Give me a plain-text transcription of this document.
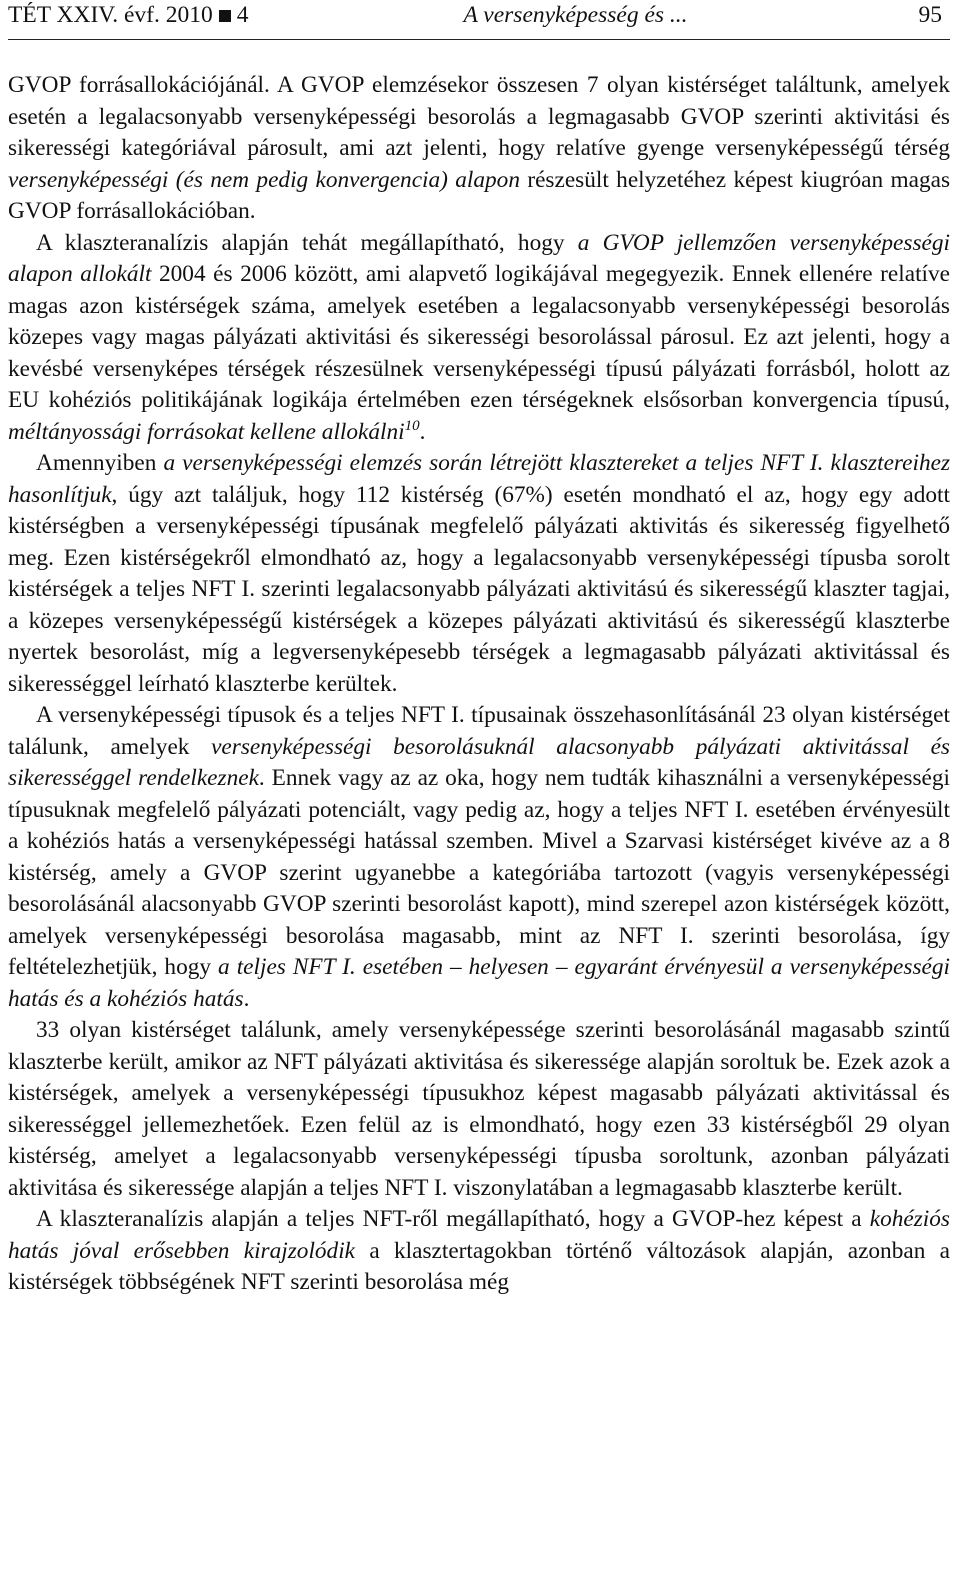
TÉT XXIV. évf. 2010 4	A versenyképesség és ...	95

GVOP forrásallokációjánál. A GVOP elemzésekor összesen 7 olyan kistérséget találtunk, amelyek esetén a legalacsonyabb versenyképességi besorolás a legmagasabb GVOP szerinti aktivitási és sikerességi kategóriával párosult, ami azt jelenti, hogy relatíve gyenge versenyképességű térség versenyképességi (és nem pedig konvergencia) alapon részesült helyzetéhez képest kiugróan magas GVOP forrásallokációban.

A klaszteranalízis alapján tehát megállapítható, hogy a GVOP jellemzően versenyképességi alapon allokált 2004 és 2006 között, ami alapvető logikájával megegyezik. Ennek ellenére relatíve magas azon kistérségek száma, amelyek esetében a legalacsonyabb versenyképességi besorolás közepes vagy magas pályázati aktivitási és sikerességi besorolással párosul. Ez azt jelenti, hogy a kevésbé versenyképes térségek részesülnek versenyképességi típusú pályázati forrásból, holott az EU kohéziós politikájának logikája értelmében ezen térségeknek elsősorban konvergencia típusú, méltányossági forrásokat kellene allokálni$^{10}$.

Amennyiben a versenyképességi elemzés során létrejött klasztereket a teljes NFT I. klasztereihez hasonlítjuk, úgy azt találjuk, hogy 112 kistérség (67%) esetén mondható el az, hogy egy adott kistérségben a versenyképességi típusának megfelelő pályázati aktivitás és sikeresség figyelhető meg. Ezen kistérségekről elmondható az, hogy a legalacsonyabb versenyképességi típusba sorolt kistérségek a teljes NFT I. szerinti legalacsonyabb pályázati aktivitású és sikerességű klaszter tagjai, a közepes versenyképességű kistérségek a közepes pályázati aktivitású és sikerességű klaszterbe nyertek besorolást, míg a legversenyképesebb térségek a legmagasabb pályázati aktivitással és sikerességgel leírható klaszterbe kerültek.

A versenyképességi típusok és a teljes NFT I. típusainak összehasonlításánál 23 olyan kistérséget találunk, amelyek versenyképességi besorolásuknál alacsonyabb pályázati aktivitással és sikerességgel rendelkeznek. Ennek vagy az az oka, hogy nem tudták kihasználni a versenyképességi típusuknak megfelelő pályázati potenciált, vagy pedig az, hogy a teljes NFT I. esetében érvényesült a kohéziós hatás a versenyképességi hatással szemben. Mivel a Szarvasi kistérséget kivéve az a 8 kistérség, amely a GVOP szerint ugyanebbe a kategóriába tartozott (vagyis versenyképességi besorolásánál alacsonyabb GVOP szerinti besorolást kapott), mind szerepel azon kistérségek között, amelyek versenyképességi besorolása magasabb, mint az NFT I. szerinti besorolása, így feltételezhetjük, hogy a teljes NFT I. esetében – helyesen – egyaránt érvényesül a versenyképességi hatás és a kohéziós hatás.

33 olyan kistérséget találunk, amely versenyképessége szerinti besorolásánál magasabb szintű klaszterbe került, amikor az NFT pályázati aktivitása és sikeressége alapján soroltuk be. Ezek azok a kistérségek, amelyek a versenyképességi típusukhoz képest magasabb pályázati aktivitással és sikerességgel jellemezhetőek. Ezen felül az is elmondható, hogy ezen 33 kistérségből 29 olyan kistérség, amelyet a legalacsonyabb versenyképességi típusba soroltunk, azonban pályázati aktivitása és sikeressége alapján a teljes NFT I. viszonylatában a legmagasabb klaszterbe került.

A klaszteranalízis alapján a teljes NFT-ről megállapítható, hogy a GVOP-hez képest a kohéziós hatás jóval erősebben kirajzolódik a klasztertagokban történő változások alapján, azonban a kistérségek többségének NFT szerinti besorolása még
